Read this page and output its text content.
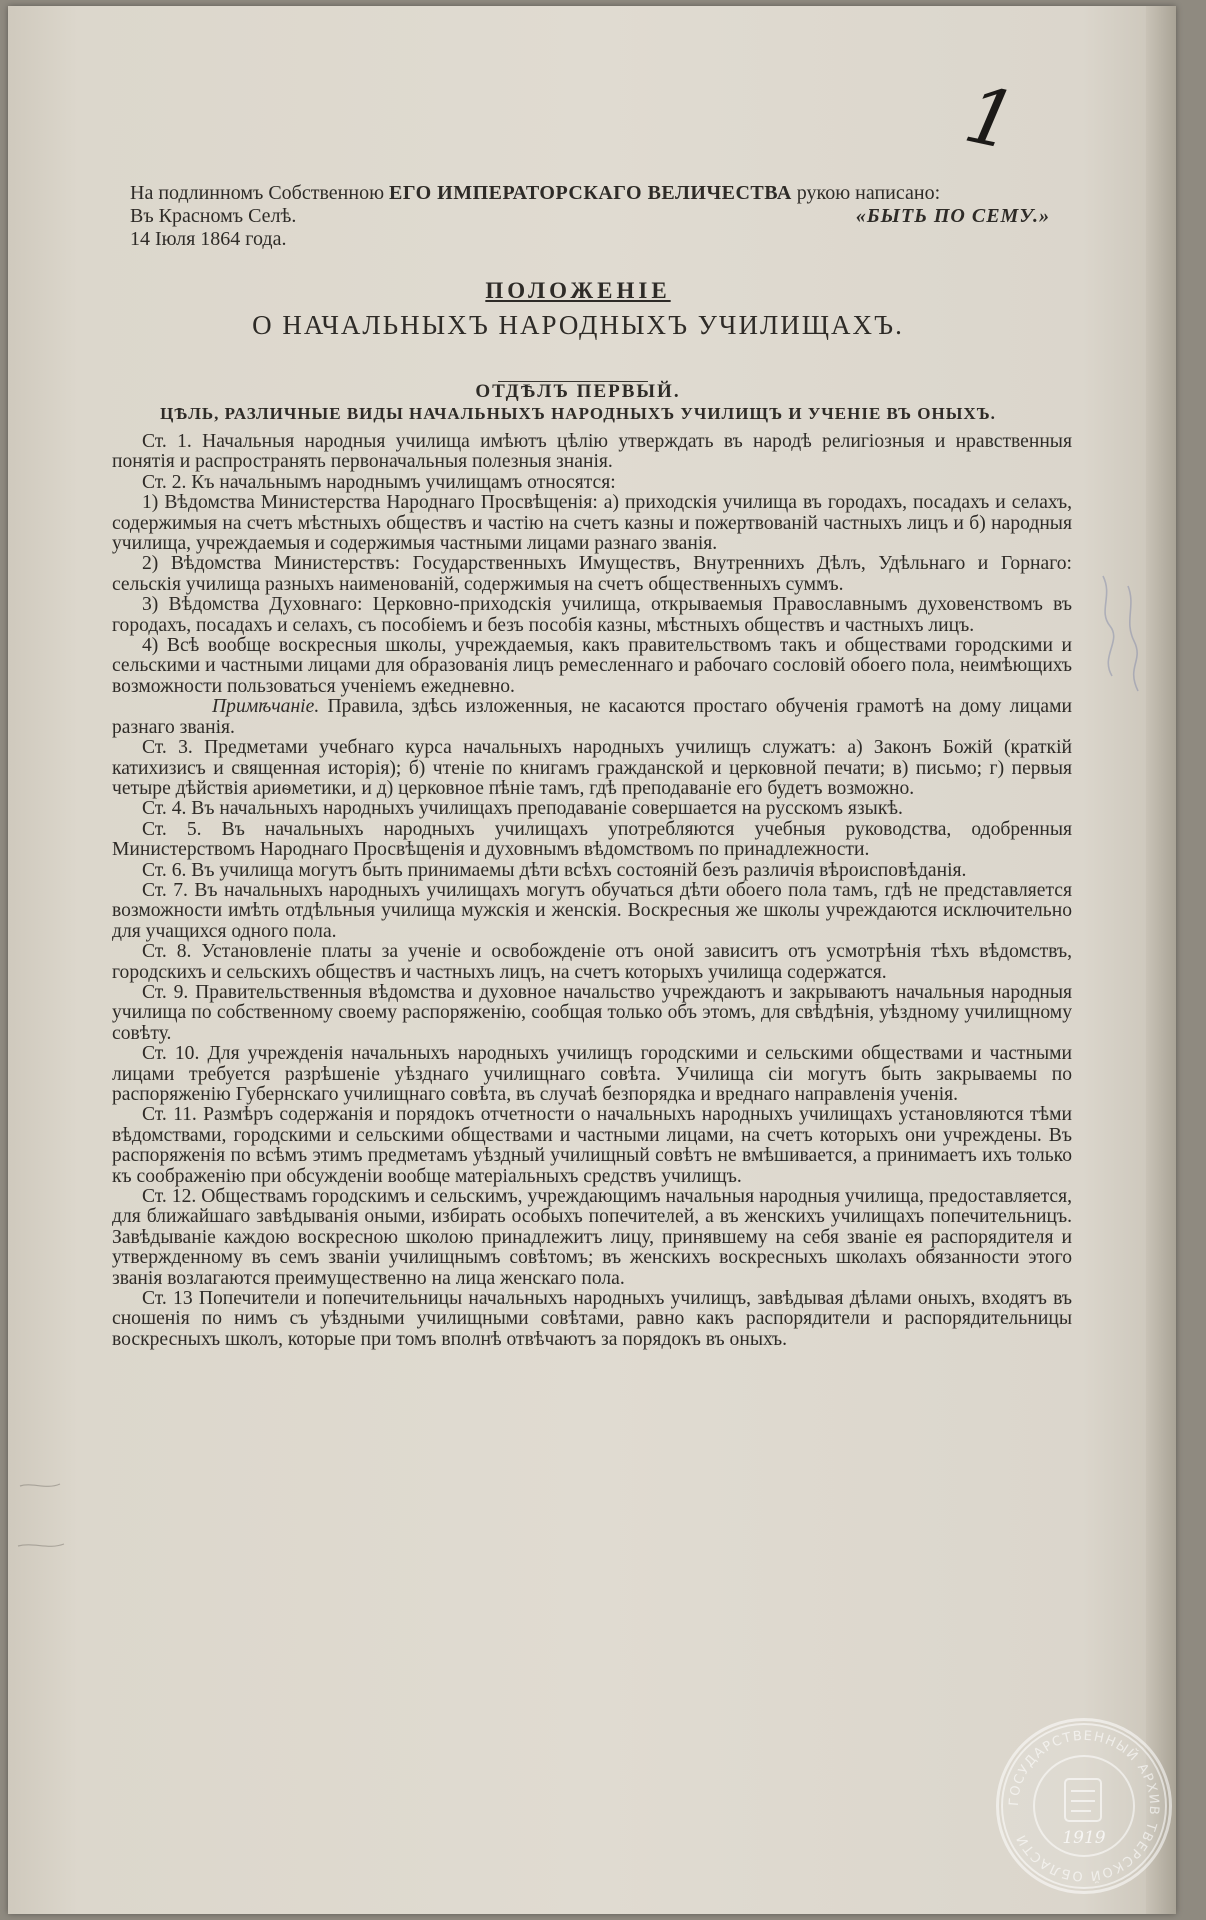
1
На подлинномъ Собственною ЕГО ИМПЕРАТОРСКАГО ВЕЛИЧЕСТВА рукою написано:
Въ Красномъ Селѣ.	«БЫТЬ ПО СЕМУ.»
14 Іюля 1864 года.
ПОЛОЖЕНІЕ
О НАЧАЛЬНЫХЪ НАРОДНЫХЪ УЧИЛИЩАХЪ.
ОТДѢЛЪ ПЕРВЫЙ.
ЦѢЛЬ, РАЗЛИЧНЫЕ ВИДЫ НАЧАЛЬНЫХЪ НАРОДНЫХЪ УЧИЛИЩЪ И УЧЕНІЕ ВЪ ОНЫХЪ.

Ст. 1. Начальныя народныя училища имѣютъ цѣлію утверждать въ народѣ религіозныя и нравственныя понятія и распространять первоначальныя полезныя знанія.

Ст. 2. Къ начальнымъ народнымъ училищамъ относятся:

1) Вѣдомства Министерства Народнаго Просвѣщенія: а) приходскія училища въ городахъ, посадахъ и селахъ, содержимыя на счетъ мѣстныхъ обществъ и частію на счетъ казны и пожертвованій частныхъ лицъ и б) народныя училища, учреждаемыя и содержимыя частными лицами разнаго званія.

2) Вѣдомства Министерствъ: Государственныхъ Имуществъ, Внутреннихъ Дѣлъ, Удѣльнаго и Горнаго: сельскія училища разныхъ наименованій, содержимыя на счетъ общественныхъ суммъ.

3) Вѣдомства Духовнаго: Церковно-приходскія училища, открываемыя Православнымъ духовенствомъ въ городахъ, посадахъ и селахъ, съ пособіемъ и безъ пособія казны, мѣстныхъ обществъ и частныхъ лицъ.

4) Всѣ вообще воскресныя школы, учреждаемыя, какъ правительствомъ такъ и обществами городскими и сельскими и частными лицами для образованія лицъ ремесленнаго и рабочаго сословій обоего пола, неимѣющихъ возможности пользоваться ученіемъ ежедневно.

Примѣчаніе. Правила, здѣсь изложенныя, не касаются простаго обученія грамотѣ на дому лицами разнаго званія.

Ст. 3. Предметами учебнаго курса начальныхъ народныхъ училищъ служатъ: а) Законъ Божій (краткій катихизисъ и священная исторія); б) чтеніе по книгамъ гражданской и церковной печати; в) письмо; г) первыя четыре дѣйствія ариѳметики, и д) церковное пѣніе тамъ, гдѣ преподаваніе его будетъ возможно.

Ст. 4. Въ начальныхъ народныхъ училищахъ преподаваніе совершается на русскомъ языкѣ.

Ст. 5. Въ начальныхъ народныхъ училищахъ употребляются учебныя руководства, одобренныя Министерствомъ Народнаго Просвѣщенія и духовнымъ вѣдомствомъ по принадлежности.

Ст. 6. Въ училища могутъ быть принимаемы дѣти всѣхъ состояній безъ различія вѣроисповѣданія.

Ст. 7. Въ начальныхъ народныхъ училищахъ могутъ обучаться дѣти обоего пола тамъ, гдѣ не представляется возможности имѣть отдѣльныя училища мужскія и женскія. Воскресныя же школы учреждаются исключительно для учащихся одного пола.

Ст. 8. Установленіе платы за ученіе и освобожденіе отъ оной зависитъ отъ усмотрѣнія тѣхъ вѣдомствъ, городскихъ и сельскихъ обществъ и частныхъ лицъ, на счетъ которыхъ училища содержатся.

Ст. 9. Правительственныя вѣдомства и духовное начальство учреждаютъ и закрываютъ начальныя народныя училища по собственному своему распоряженію, сообщая только объ этомъ, для свѣдѣнія, уѣздному училищному совѣту.

Ст. 10. Для учрежденія начальныхъ народныхъ училищъ городскими и сельскими обществами и частными лицами требуется разрѣшеніе уѣзднаго училищнаго совѣта. Училища сіи могутъ быть закрываемы по распоряженію Губернскаго училищнаго совѣта, въ случаѣ безпорядка и вреднаго направленія ученія.

Ст. 11. Размѣръ содержанія и порядокъ отчетности о начальныхъ народныхъ училищахъ установляются тѣми вѣдомствами, городскими и сельскими обществами и частными лицами, на счетъ которыхъ они учреждены. Въ распоряженія по всѣмъ этимъ предметамъ уѣздный училищный совѣтъ не вмѣшивается, а принимаетъ ихъ только къ соображенію при обсужденіи вообще матеріальныхъ средствъ училищъ.

Ст. 12. Обществамъ городскимъ и сельскимъ, учреждающимъ начальныя народныя училища, предоставляется, для ближайшаго завѣдыванія оными, избирать особыхъ попечителей, а въ женскихъ училищахъ попечительницъ. Завѣдываніе каждою воскресною школою принадлежитъ лицу, принявшему на себя званіе ея распорядителя и утвержденному въ семъ званіи училищнымъ совѣтомъ; въ женскихъ воскресныхъ школахъ обязанности этого званія возлагаются преимущественно на лица женскаго пола.

Ст. 13 Попечители и попечительницы начальныхъ народныхъ училищъ, завѣдывая дѣлами оныхъ, входятъ въ сношенія по нимъ съ уѣздными училищными совѣтами, равно какъ распорядители и распорядительницы воскресныхъ школъ, которые при томъ вполнѣ отвѣчаютъ за порядокъ въ оныхъ.

ГОСУДАРСТВЕННЫЙ АРХИВ ТВЕРСКОЙ ОБЛАСТИ	1919
